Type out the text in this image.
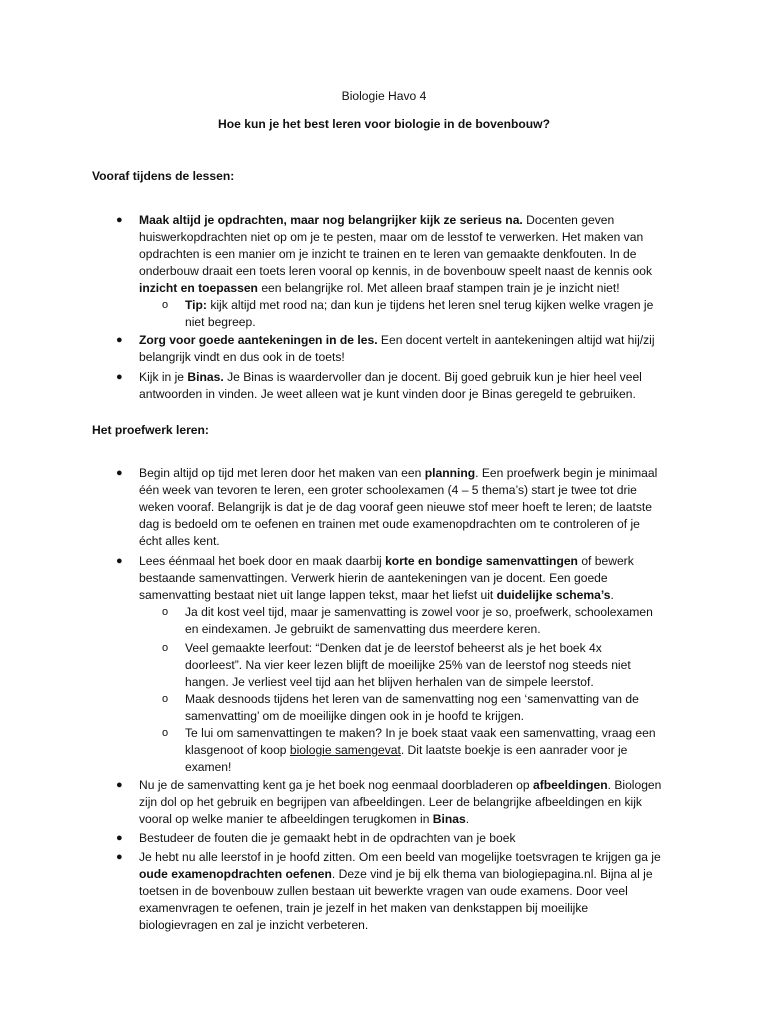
Biologie Havo 4
Hoe kun je het best leren voor biologie in de bovenbouw?
Vooraf tijdens de lessen:
● Maak altijd je opdrachten, maar nog belangrijker kijk ze serieus na. Docenten geven
huiswerkopdrachten niet op om je te pesten, maar om de lesstof te verwerken. Het maken van
opdrachten is een manier om je inzicht te trainen en te leren van gemaakte denkfouten. In de
onderbouw draait een toets leren vooral op kennis, in de bovenbouw speelt naast de kennis ook
inzicht en toepassen een belangrijke rol. Met alleen braaf stampen train je je inzicht niet!
o Tip: kijk altijd met rood na; dan kun je tijdens het leren snel terug kijken welke vragen je
niet begreep.
● Zorg voor goede aantekeningen in de les. Een docent vertelt in aantekeningen altijd wat hij/zij
belangrijk vindt en dus ook in de toets!
● Kijk in je Binas. Je Binas is waardervoller dan je docent. Bij goed gebruik kun je hier heel veel
antwoorden in vinden. Je weet alleen wat je kunt vinden door je Binas geregeld te gebruiken.
Het proefwerk leren:
● Begin altijd op tijd met leren door het maken van een planning. Een proefwerk begin je minimaal
één week van tevoren te leren, een groter schoolexamen (4 – 5 thema’s) start je twee tot drie
weken vooraf. Belangrijk is dat je de dag vooraf geen nieuwe stof meer hoeft te leren; de laatste
dag is bedoeld om te oefenen en trainen met oude examenopdrachten om te controleren of je
écht alles kent.
● Lees éénmaal het boek door en maak daarbij korte en bondige samenvattingen of bewerk
bestaande samenvattingen. Verwerk hierin de aantekeningen van je docent. Een goede
samenvatting bestaat niet uit lange lappen tekst, maar het liefst uit duidelijke schema’s.
o Ja dit kost veel tijd, maar je samenvatting is zowel voor je so, proefwerk, schoolexamen
en eindexamen. Je gebruikt de samenvatting dus meerdere keren.
o Veel gemaakte leerfout: “Denken dat je de leerstof beheerst als je het boek 4x
doorleest”. Na vier keer lezen blijft de moeilijke 25% van de leerstof nog steeds niet
hangen. Je verliest veel tijd aan het blijven herhalen van de simpele leerstof.
o Maak desnoods tijdens het leren van de samenvatting nog een ‘samenvatting van de
samenvatting’ om de moeilijke dingen ook in je hoofd te krijgen.
o Te lui om samenvattingen te maken? In je boek staat vaak een samenvatting, vraag een
klasgenoot of koop biologie samengevat. Dit laatste boekje is een aanrader voor je
examen!
● Nu je de samenvatting kent ga je het boek nog eenmaal doorbladeren op afbeeldingen. Biologen
zijn dol op het gebruik en begrijpen van afbeeldingen. Leer de belangrijke afbeeldingen en kijk
vooral op welke manier te afbeeldingen terugkomen in Binas.
● Bestudeer de fouten die je gemaakt hebt in de opdrachten van je boek
● Je hebt nu alle leerstof in je hoofd zitten. Om een beeld van mogelijke toetsvragen te krijgen ga je
oude examenopdrachten oefenen. Deze vind je bij elk thema van biologiepagina.nl. Bijna al je
toetsen in de bovenbouw zullen bestaan uit bewerkte vragen van oude examens. Door veel
examenvragen te oefenen, train je jezelf in het maken van denkstappen bij moeilijke
biologievragen en zal je inzicht verbeteren.
